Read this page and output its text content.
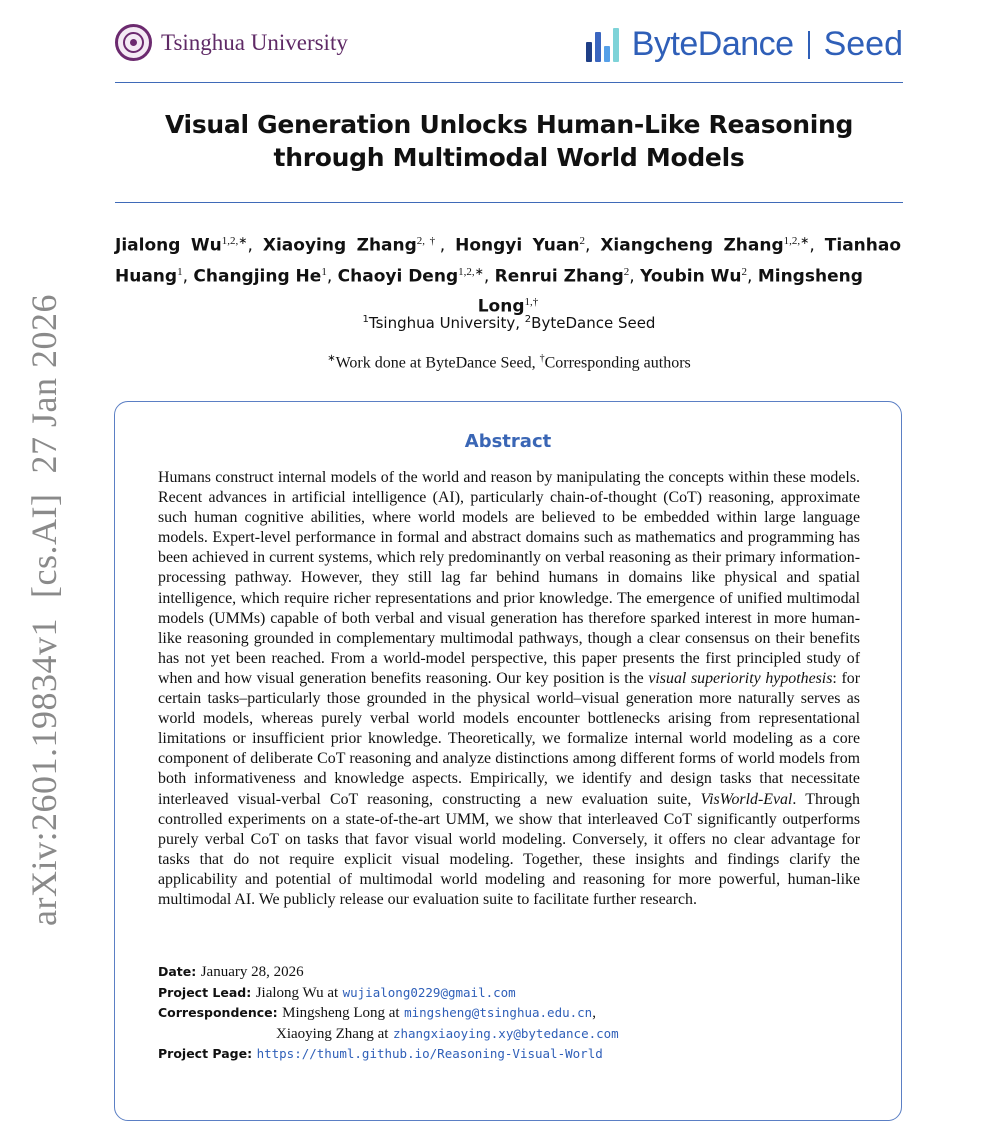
arXiv:2601.19834v1[cs.AI]27 Jan 2026
Tsinghua University	ByteDance Seed
Visual Generation Unlocks Human-Like Reasoning
through Multimodal World Models
Jialong $Wu^{1,2,∗}$, Xiaoying Zhang$^{2,\dagger}$, Hongyi Yuan$^2$, Xiangcheng Zhang$^{1,2,∗}$, Tianhao Huang$^1$, Changjing He$^1$, Chaoyi Deng$^{1,2,∗}$, Renrui Zhang$^2$, Youbin Wu$^2$, Mingsheng
Long$^{1,\dagger}$
$^1$Tsinghua University, $^2$ByteDance Seed
∗Work done at ByteDance Seed, †Corresponding authors
Abstract
Humans construct internal models of the world and reason by manipulating the concepts within these models. Recent advances in artificial intelligence (AI), particularly chain-of-thought (CoT) reasoning, approximate such human cognitive abilities, where world models are believed to be embedded within large language models. Expert-level performance in formal and abstract domains such as mathematics and programming has been achieved in current systems, which rely predominantly on verbal reasoning as their primary information-processing pathway. However, they still lag far behind humans in domains like physical and spatial intelligence, which require richer representations and prior knowledge. The emergence of unified multimodal models (UMMs) capable of both verbal and visual generation has therefore sparked interest in more human-like reasoning grounded in complementary multimodal pathways, though a clear consensus on their benefits has not yet been reached. From a world-model perspective, this paper presents the first principled study of when and how visual generation benefits reasoning. Our key position is the visual superiority hypothesis: for certain tasks–particularly those grounded in the physical world–visual generation more naturally serves as world models, whereas purely verbal world models encounter bottlenecks arising from representational limitations or insufficient prior knowledge. Theoretically, we formalize internal world modeling as a core component of deliberate CoT reasoning and analyze distinctions among different forms of world models from both informativeness and knowledge aspects. Empirically, we identify and design tasks that necessitate interleaved visual-verbal CoT reasoning, constructing a new evaluation suite, VisWorld-Eval. Through controlled experiments on a state-of-the-art UMM, we show that interleaved CoT significantly outperforms purely verbal CoT on tasks that favor visual world modeling. Conversely, it offers no clear advantage for tasks that do not require explicit visual modeling. Together, these insights and findings clarify the applicability and potential of multimodal world modeling and reasoning for more powerful, human-like multimodal AI. We publicly release our evaluation suite to facilitate further research.
Date: January 28, 2026
Project Lead: Jialong Wu at wujialong0229@gmail.com
Correspondence: Mingsheng Long at mingsheng@tsinghua.edu.cn,
Xiaoying Zhang at zhangxiaoying.xy@bytedance.com
Project Page: https://thuml.github.io/Reasoning-Visual-World
